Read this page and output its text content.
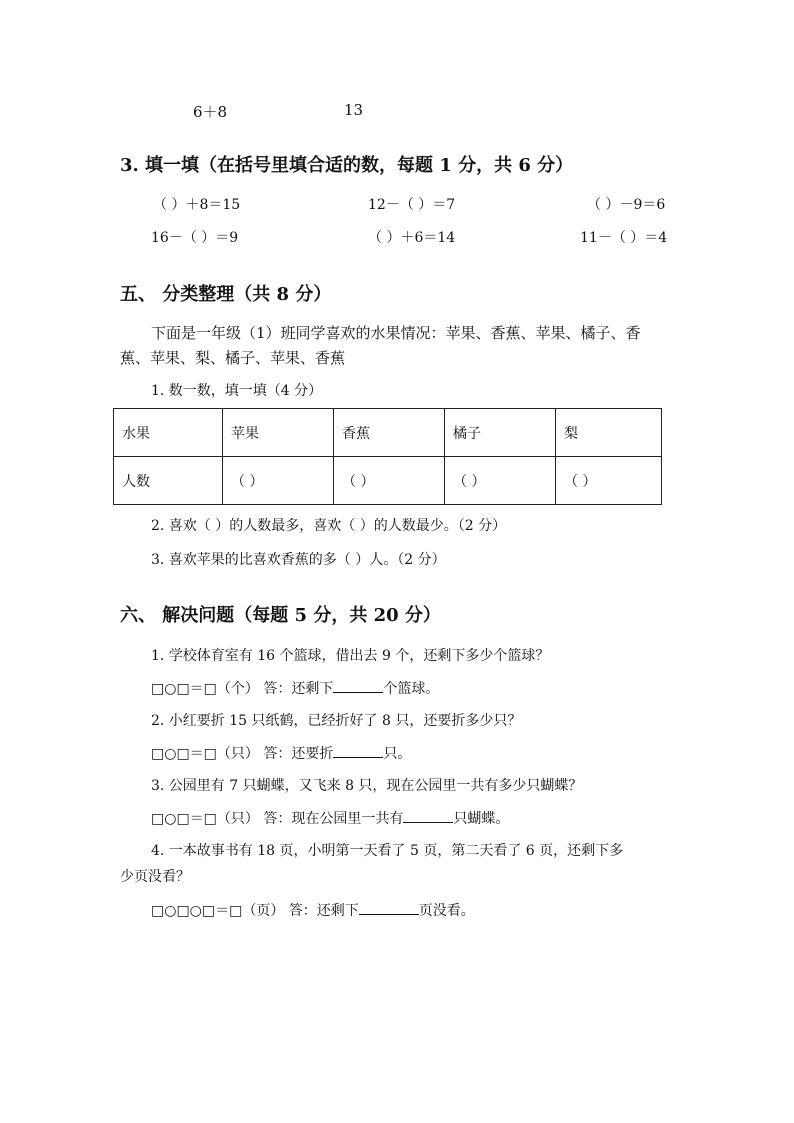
6＋8	13
3. 填一填（在括号里填合适的数，每题 1 分，共 6 分）
（ ）＋8＝15	12－（ ）＝7	（ ）－9＝6
16－（ ）＝9	（ ）＋6＝14	11－（ ）＝4
五、 分类整理（共 8 分）
下面是一年级（1）班同学喜欢的水果情况：苹果、香蕉、苹果、橘子、香
蕉、苹果、梨、橘子、苹果、香蕉
1. 数一数，填一填（4 分）
水果	苹果	香蕉	橘子	梨
人数	（ ）	（ ）	（ ）	（ ）
2. 喜欢（ ）的人数最多，喜欢（ ）的人数最少。（2 分）
3. 喜欢苹果的比喜欢香蕉的多（ ）人。（2 分）
六、 解决问题（每题 5 分，共 20 分）
1. 学校体育室有 16 个篮球，借出去 9 个，还剩下多少个篮球？
□○□＝□（个） 答：还剩下	个篮球。
2. 小红要折 15 只纸鹤，已经折好了 8 只，还要折多少只？
□○□＝□（只） 答：还要折	只。
3. 公园里有 7 只蝴蝶，又飞来 8 只，现在公园里一共有多少只蝴蝶？
□○□＝□（只） 答：现在公园里一共有	只蝴蝶。
4. 一本故事书有 18 页，小明第一天看了 5 页，第二天看了 6 页，还剩下多
少页没看？
□○□○□＝□（页） 答：还剩下	页没看。
